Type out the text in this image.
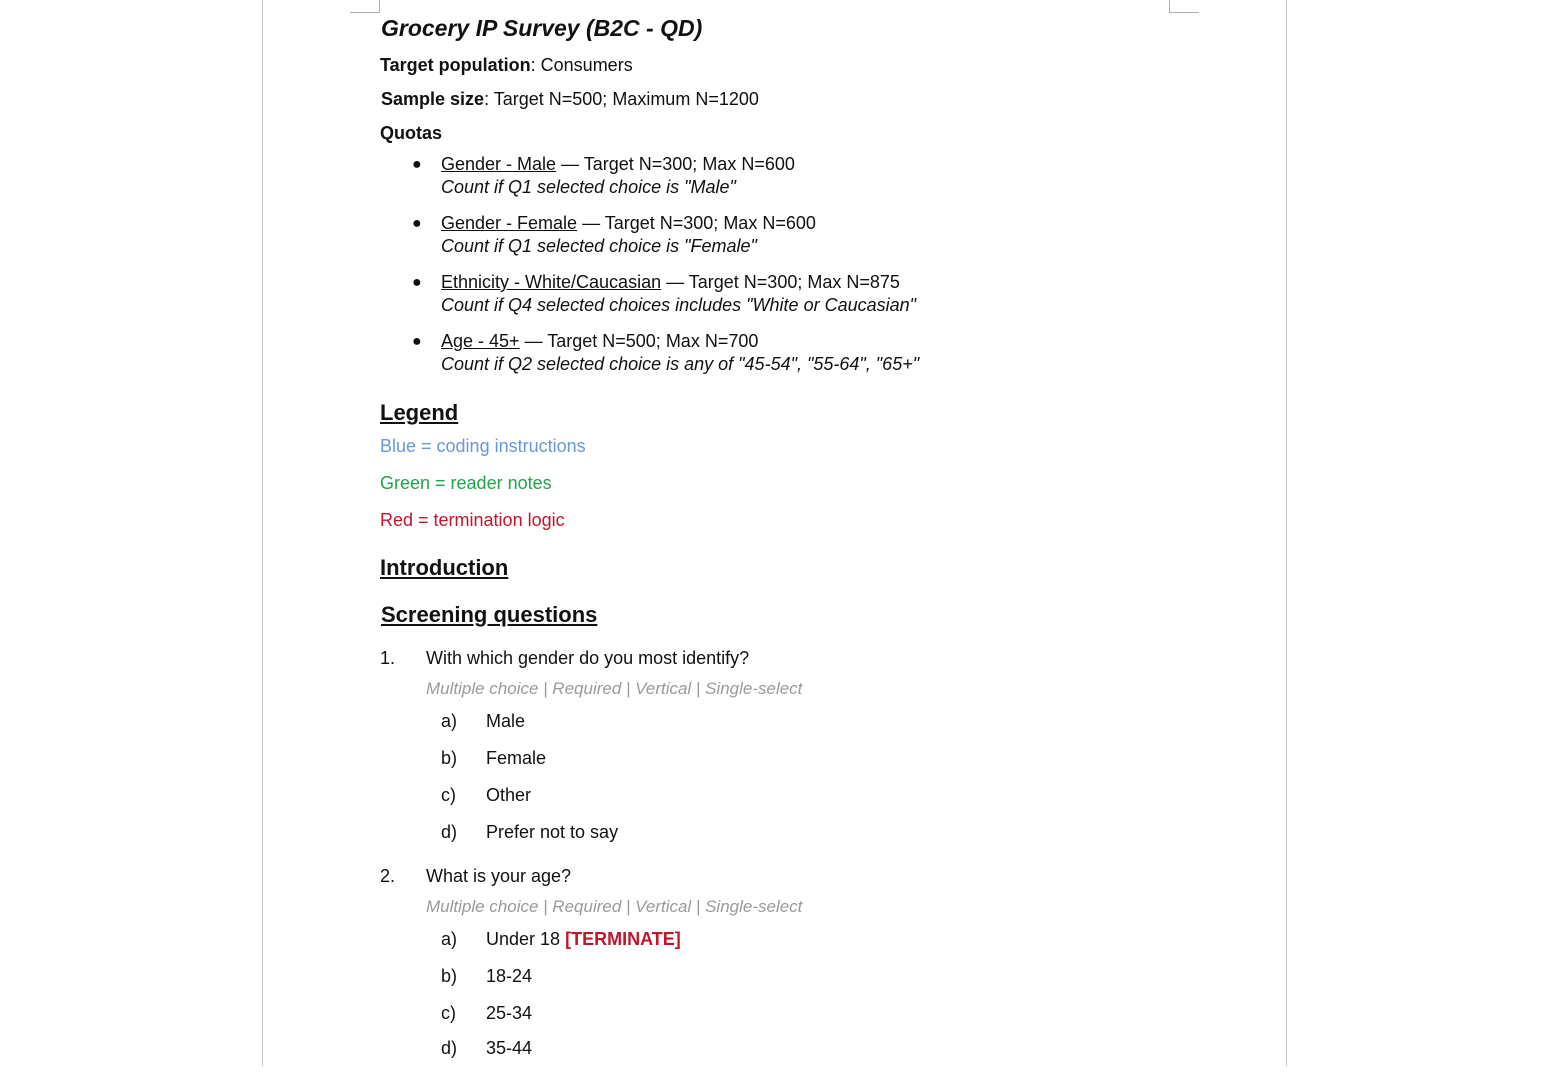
Grocery IP Survey (B2C - QD)
Target population: Consumers
Sample size: Target N=500; Maximum N=1200
Quotas
● Gender - Male — Target N=300; Max N=600
Count if Q1 selected choice is "Male"
● Gender - Female — Target N=300; Max N=600
Count if Q1 selected choice is "Female"
● Ethnicity - White/Caucasian — Target N=300; Max N=875
Count if Q4 selected choices includes "White or Caucasian"
● Age - 45+ — Target N=500; Max N=700
Count if Q2 selected choice is any of "45-54", "55-64", "65+"
Legend
Blue = coding instructions
Green = reader notes
Red = termination logic
Introduction
Screening questions
1. With which gender do you most identify?
Multiple choice | Required | Vertical | Single-select
a) Male
b) Female
c) Other
d) Prefer not to say
2. What is your age?
Multiple choice | Required | Vertical | Single-select
a) Under 18 [TERMINATE]
b) 18-24
c) 25-34
d) 35-44
